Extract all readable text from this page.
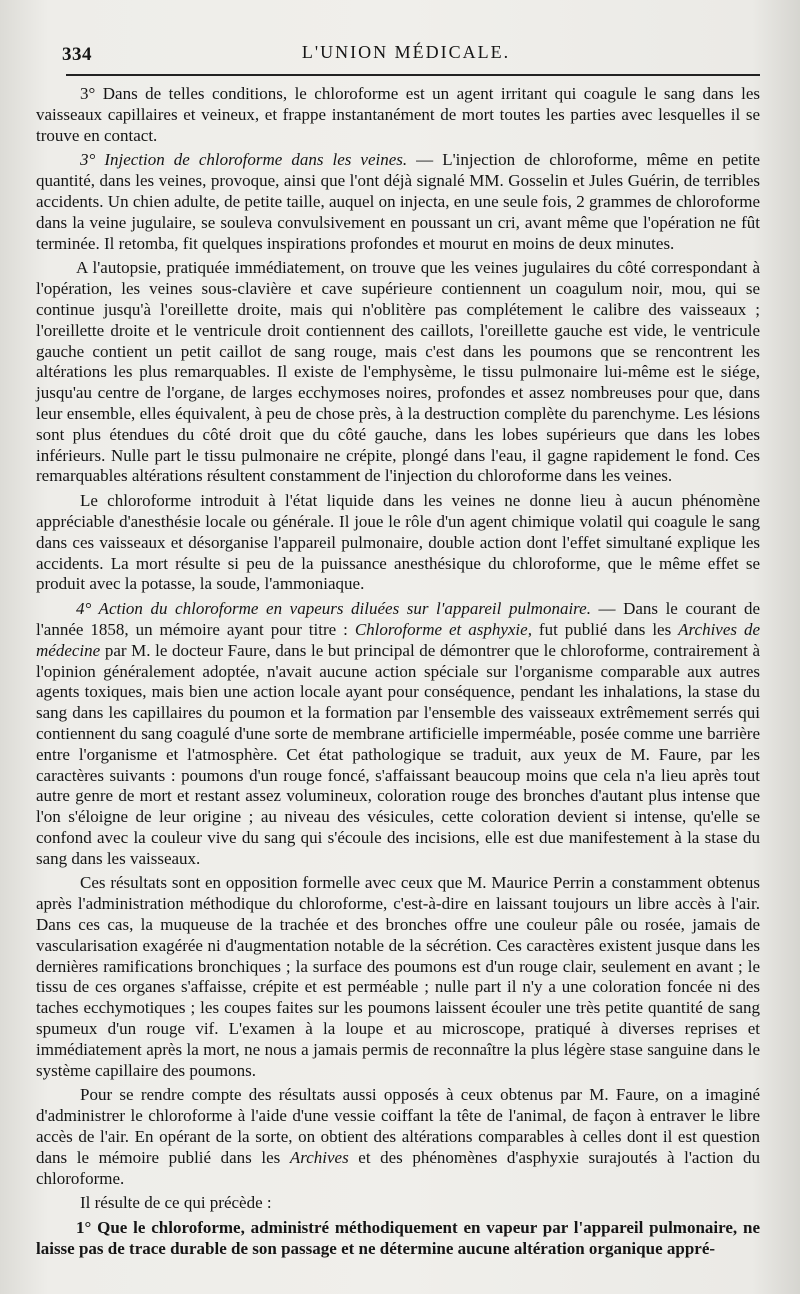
334	L'UNION MÉDICALE.

3° Dans de telles conditions, le chloroforme est un agent irritant qui coagule le sang dans les vaisseaux capillaires et veineux, et frappe instantanément de mort toutes les parties avec lesquelles il se trouve en contact.

3° Injection de chloroforme dans les veines. — L'injection de chloroforme, même en petite quantité, dans les veines, provoque, ainsi que l'ont déjà signalé MM. Gosselin et Jules Guérin, de terribles accidents. Un chien adulte, de petite taille, auquel on injecta, en une seule fois, 2 grammes de chloroforme dans la veine jugulaire, se souleva convulsivement en poussant un cri, avant même que l'opération ne fût terminée. Il retomba, fit quelques inspirations profondes et mourut en moins de deux minutes.

A l'autopsie, pratiquée immédiatement, on trouve que les veines jugulaires du côté correspondant à l'opération, les veines sous-clavière et cave supérieure contiennent un coagulum noir, mou, qui se continue jusqu'à l'oreillette droite, mais qui n'oblitère pas complétement le calibre des vaisseaux ; l'oreillette droite et le ventricule droit contiennent des caillots, l'oreillette gauche est vide, le ventricule gauche contient un petit caillot de sang rouge, mais c'est dans les poumons que se rencontrent les altérations les plus remarquables. Il existe de l'emphysème, le tissu pulmonaire lui-même est le siége, jusqu'au centre de l'organe, de larges ecchymoses noires, profondes et assez nombreuses pour que, dans leur ensemble, elles équivalent, à peu de chose près, à la destruction complète du parenchyme. Les lésions sont plus étendues du côté droit que du côté gauche, dans les lobes supérieurs que dans les lobes inférieurs. Nulle part le tissu pulmonaire ne crépite, plongé dans l'eau, il gagne rapidement le fond. Ces remarquables altérations résultent constamment de l'injection du chloroforme dans les veines.

Le chloroforme introduit à l'état liquide dans les veines ne donne lieu à aucun phénomène appréciable d'anesthésie locale ou générale. Il joue le rôle d'un agent chimique volatil qui coagule le sang dans ces vaisseaux et désorganise l'appareil pulmonaire, double action dont l'effet simultané explique les accidents. La mort résulte si peu de la puissance anesthésique du chloroforme, que le même effet se produit avec la potasse, la soude, l'ammoniaque.

4° Action du chloroforme en vapeurs diluées sur l'appareil pulmonaire. — Dans le courant de l'année 1858, un mémoire ayant pour titre : Chloroforme et asphyxie, fut publié dans les Archives de médecine par M. le docteur Faure, dans le but principal de démontrer que le chloroforme, contrairement à l'opinion généralement adoptée, n'avait aucune action spéciale sur l'organisme comparable aux autres agents toxiques, mais bien une action locale ayant pour conséquence, pendant les inhalations, la stase du sang dans les capillaires du poumon et la formation par l'ensemble des vaisseaux extrêmement serrés qui contiennent du sang coagulé d'une sorte de membrane artificielle imperméable, posée comme une barrière entre l'organisme et l'atmosphère. Cet état pathologique se traduit, aux yeux de M. Faure, par les caractères suivants : poumons d'un rouge foncé, s'affaissant beaucoup moins que cela n'a lieu après tout autre genre de mort et restant assez volumineux, coloration rouge des bronches d'autant plus intense que l'on s'éloigne de leur origine ; au niveau des vésicules, cette coloration devient si intense, qu'elle se confond avec la couleur vive du sang qui s'écoule des incisions, elle est due manifestement à la stase du sang dans les vaisseaux.

Ces résultats sont en opposition formelle avec ceux que M. Maurice Perrin a constamment obtenus après l'administration méthodique du chloroforme, c'est-à-dire en laissant toujours un libre accès à l'air. Dans ces cas, la muqueuse de la trachée et des bronches offre une couleur pâle ou rosée, jamais de vascularisation exagérée ni d'augmentation notable de la sécrétion. Ces caractères existent jusque dans les dernières ramifications bronchiques ; la surface des poumons est d'un rouge clair, seulement en avant ; le tissu de ces organes s'affaisse, crépite et est perméable ; nulle part il n'y a une coloration foncée ni des taches ecchymotiques ; les coupes faites sur les poumons laissent écouler une très petite quantité de sang spumeux d'un rouge vif. L'examen à la loupe et au microscope, pratiqué à diverses reprises et immédiatement après la mort, ne nous a jamais permis de reconnaître la plus légère stase sanguine dans le système capillaire des poumons.

Pour se rendre compte des résultats aussi opposés à ceux obtenus par M. Faure, on a imaginé d'administrer le chloroforme à l'aide d'une vessie coiffant la tête de l'animal, de façon à entraver le libre accès de l'air. En opérant de la sorte, on obtient des altérations comparables à celles dont il est question dans le mémoire publié dans les Archives et des phénomènes d'asphyxie surajoutés à l'action du chloroforme.

Il résulte de ce qui précède :

1° Que le chloroforme, administré méthodiquement en vapeur par l'appareil pulmonaire, ne laisse pas de trace durable de son passage et ne détermine aucune altération organique appré-
